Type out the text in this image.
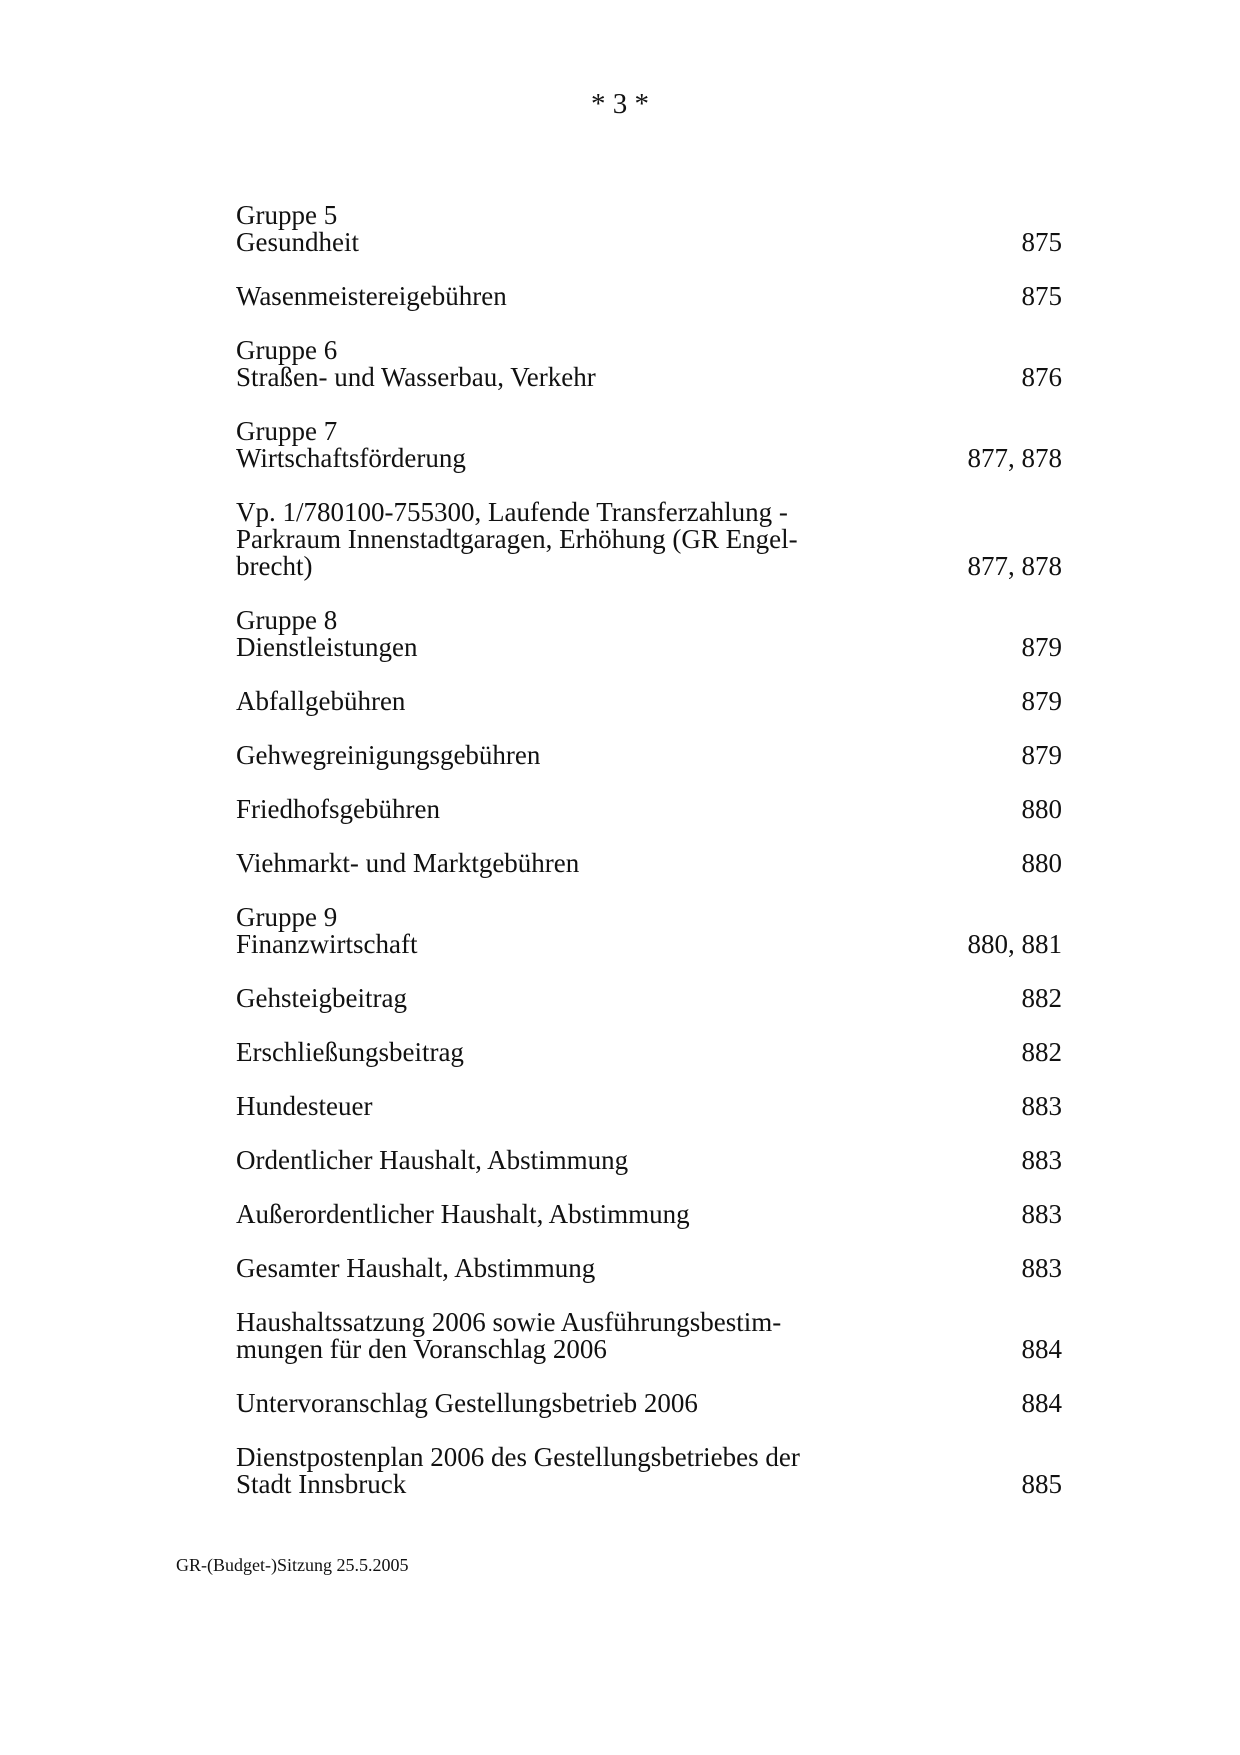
* 3 *
Gruppe 5
Gesundheit	875
Wasenmeistereigebühren	875
Gruppe 6
Straßen- und Wasserbau, Verkehr	876
Gruppe 7
Wirtschaftsförderung	877, 878
Vp. 1/780100-755300, Laufende Transferzahlung -
Parkraum Innenstadtgaragen, Erhöhung (GR Engel-
brecht)	877, 878
Gruppe 8
Dienstleistungen	879
Abfallgebühren	879
Gehwegreinigungsgebühren	879
Friedhofsgebühren	880
Viehmarkt- und Marktgebühren	880
Gruppe 9
Finanzwirtschaft	880, 881
Gehsteigbeitrag	882
Erschließungsbeitrag	882
Hundesteuer	883
Ordentlicher Haushalt, Abstimmung	883
Außerordentlicher Haushalt, Abstimmung	883
Gesamter Haushalt, Abstimmung	883
Haushaltssatzung 2006 sowie Ausführungsbestim-
mungen für den Voranschlag 2006	884
Untervoranschlag Gestellungsbetrieb 2006	884
Dienstpostenplan 2006 des Gestellungsbetriebes der
Stadt Innsbruck	885
GR-(Budget-)Sitzung 25.5.2005
